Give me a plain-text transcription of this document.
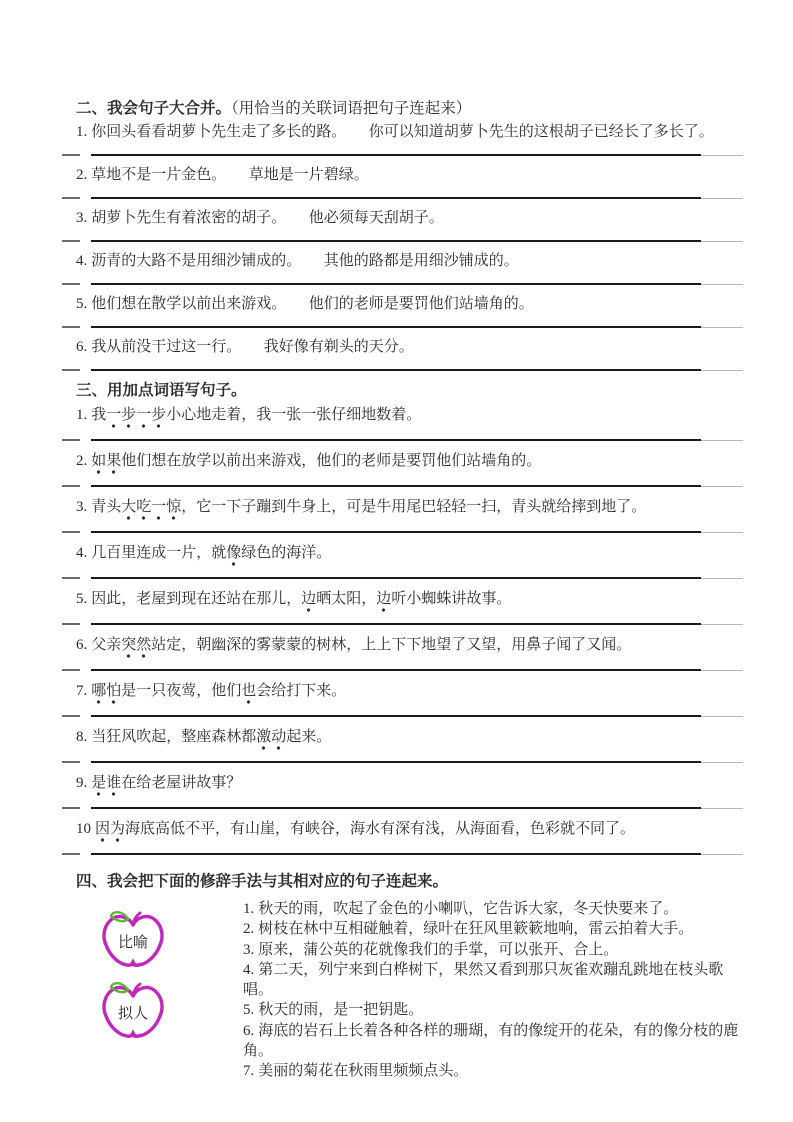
二、我会句子大合并。（用恰当的关联词语把句子连起来）

1. 你回头看看胡萝卜先生走了多长的路。　　你可以知道胡萝卜先生的这根胡子已经长了多长了。

2. 草地不是一片金色。　　草地是一片碧绿。

3. 胡萝卜先生有着浓密的胡子。　　他必须每天刮胡子。

4. 沥青的大路不是用细沙铺成的。　　其他的路都是用细沙铺成的。

5. 他们想在散学以前出来游戏。　　他们的老师是要罚他们站墙角的。

6. 我从前没干过这一行。　　我好像有剃头的天分。

三、用加点词语写句子。

1. 我一步一步小心地走着，我一张一张仔细地数着。

2. 如果他们想在放学以前出来游戏，他们的老师是要罚他们站墙角的。

3. 青头大吃一惊，它一下子蹦到牛身上，可是牛用尾巴轻轻一扫，青头就给摔到地了。

4. 几百里连成一片，就像绿色的海洋。

5. 因此，老屋到现在还站在那儿，边晒太阳，边听小蜘蛛讲故事。

6. 父亲突然站定，朝幽深的雾蒙蒙的树林，上上下下地望了又望，用鼻子闻了又闻。

7. 哪怕是一只夜莺，他们也会给打下来。

8. 当狂风吹起，整座森林都激动起来。

9. 是谁在给老屋讲故事？

10 因为海底高低不平，有山崖，有峡谷，海水有深有浅，从海面看，色彩就不同了。

四、我会把下面的修辞手法与其相对应的句子连起来。
比喻
拟人

1. 秋天的雨，吹起了金色的小喇叭，它告诉大家，冬天快要来了。

2. 树枝在林中互相碰触着，绿叶在狂风里簌簌地响，雷云拍着大手。

3. 原来，蒲公英的花就像我们的手掌，可以张开、合上。

4. 第二天，列宁来到白桦树下，果然又看到那只灰雀欢蹦乱跳地在枝头歌唱。

5. 秋天的雨，是一把钥匙。

6. 海底的岩石上长着各种各样的珊瑚，有的像绽开的花朵，有的像分枝的鹿角。

7. 美丽的菊花在秋雨里频频点头。
